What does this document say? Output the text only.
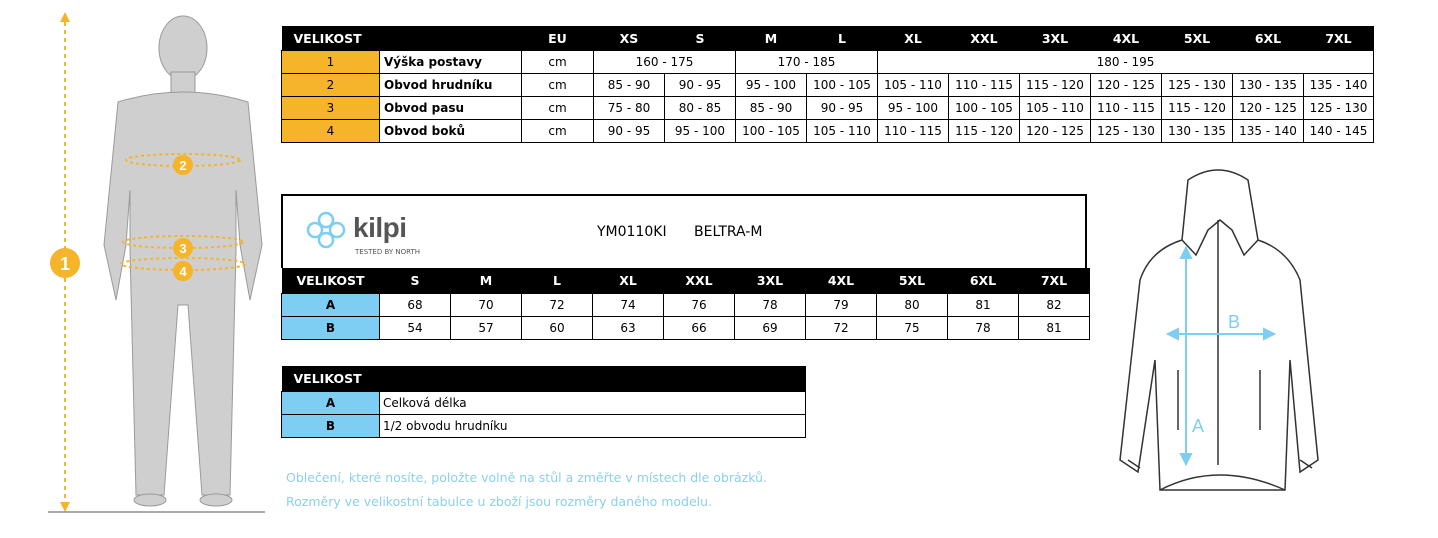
1
2
3
4
VELIKOST		EU	XS	S	M	L	XL	XXL	3XL	4XL	5XL	6XL	7XL
1	Výška postavy	cm	160 - 175		170 - 185		180 - 195						
2	Obvod hrudníku	cm	85 - 90	90 - 95	95 - 100	100 - 105	105 - 110	110 - 115	115 - 120	120 - 125	125 - 130	130 - 135	135 - 140
3	Obvod pasu	cm	75 - 80	80 - 85	85 - 90	90 - 95	95 - 100	100 - 105	105 - 110	110 - 115	115 - 120	120 - 125	125 - 130
4	Obvod boků	cm	90 - 95	95 - 100	100 - 105	105 - 110	110 - 115	115 - 120	120 - 125	125 - 130	130 - 135	135 - 140	140 - 145
kilpi
TESTED BY NORTH
YM0110KI BELTRA-M
VELIKOST	S	M	L	XL	XXL	3XL	4XL	5XL	6XL	7XL
A	68	70	72	74	76	78	79	80	81	82
B	54	57	60	63	66	69	72	75	78	81
VELIKOST	
A	Celková délka
B	1/2 obvodu hrudníku
Oblečení, které nosíte, položte volně na stůl a změřte v místech dle obrázků.
Rozměry ve velikostní tabulce u zboží jsou rozměry daného modelu.
A
B
